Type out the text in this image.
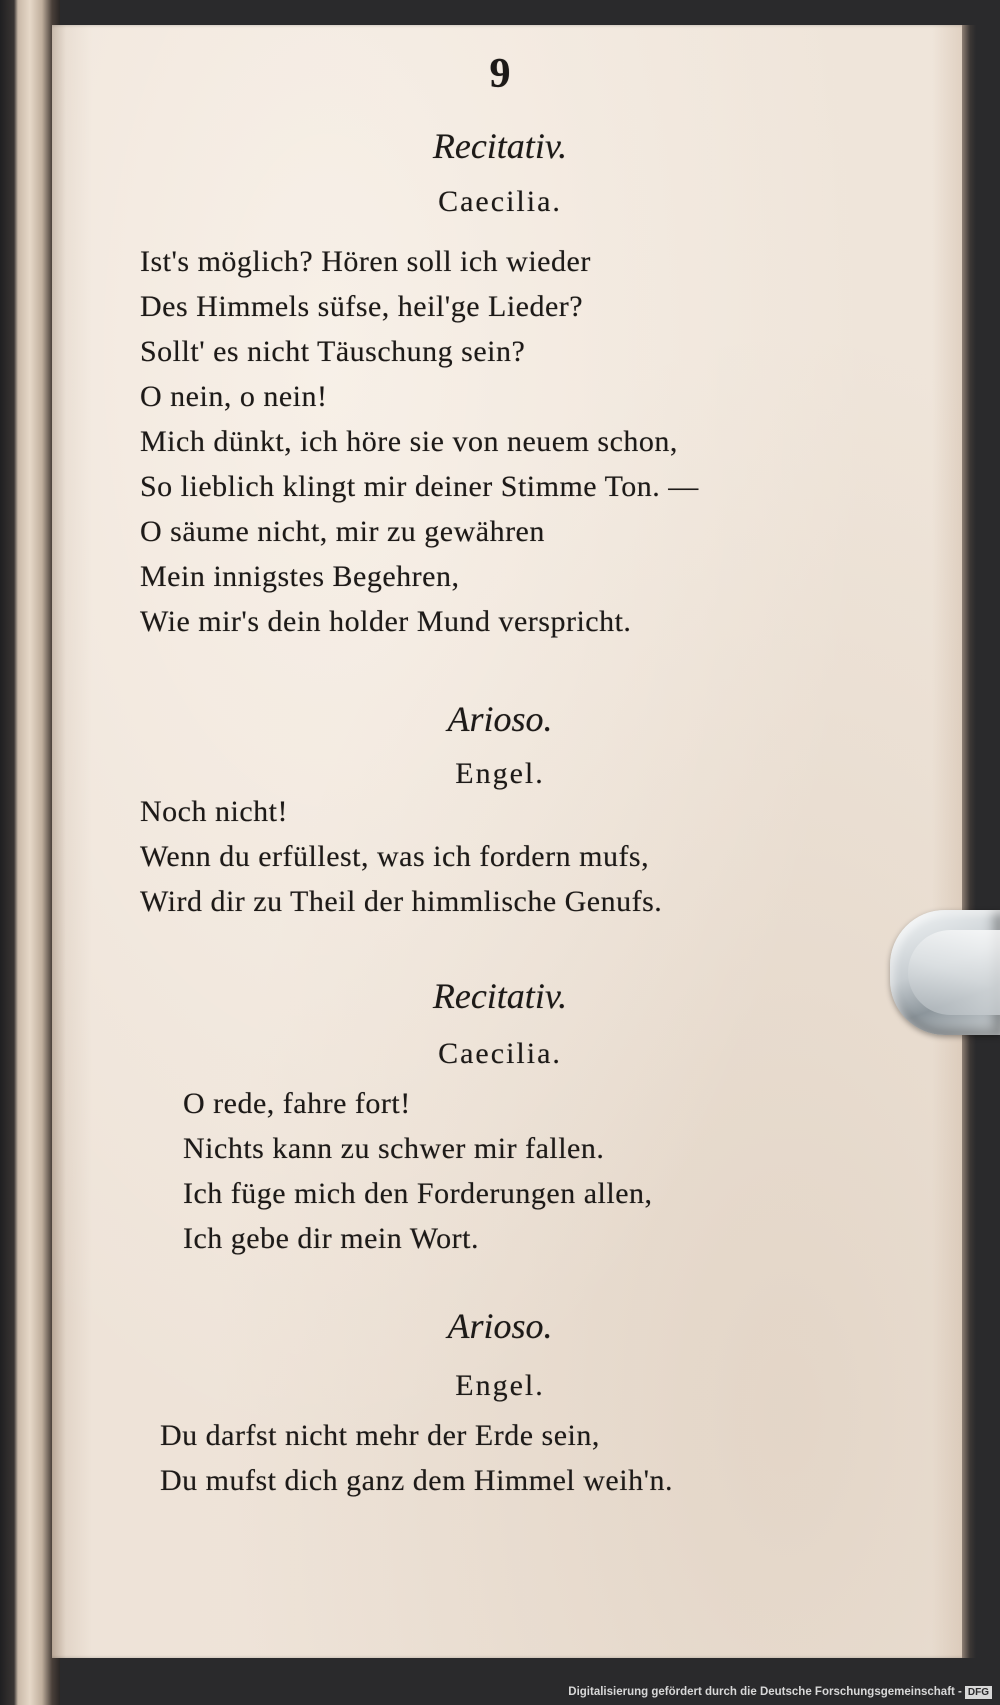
9
Recitativ.
Caecilia.
Ist's möglich? Hören soll ich wieder
Des Himmels süfse, heil'ge Lieder?
Sollt' es nicht Täuschung sein?
O nein, o nein!
Mich dünkt, ich höre sie von neuem schon,
So lieblich klingt mir deiner Stimme Ton. —
O säume nicht, mir zu gewähren
Mein innigstes Begehren,
Wie mir's dein holder Mund verspricht.
Arioso.
Engel.
Noch nicht!
Wenn du erfüllest, was ich fordern mufs,
Wird dir zu Theil der himmlische Genufs.
Recitativ.
Caecilia.
O rede, fahre fort!
Nichts kann zu schwer mir fallen.
Ich füge mich den Forderungen allen,
Ich gebe dir mein Wort.
Arioso.
Engel.
Du darfst nicht mehr der Erde sein,
Du mufst dich ganz dem Himmel weih'n.
Digitalisierung gefördert durch die Deutsche Forschungsgemeinschaft - DFG
